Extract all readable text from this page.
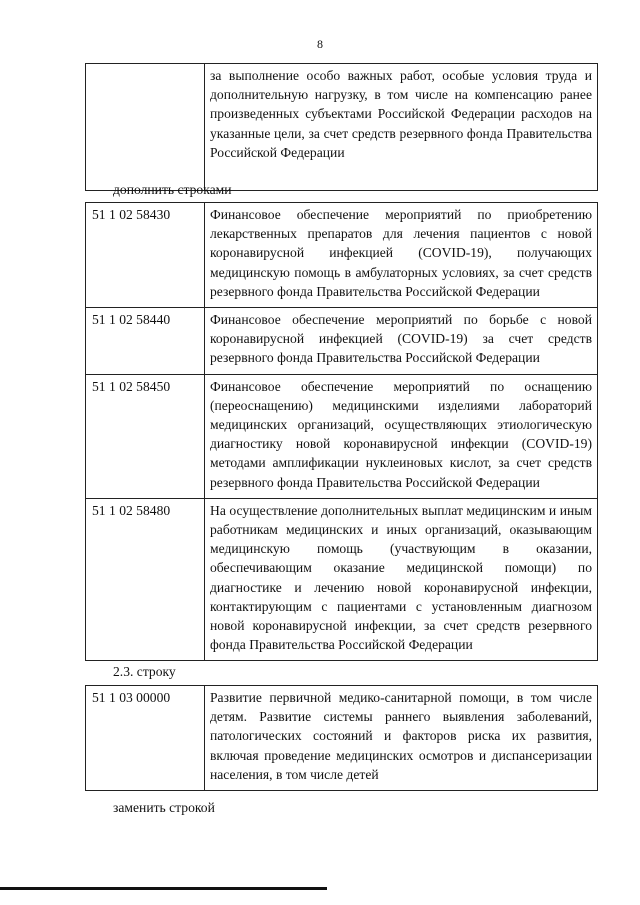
8
	за выполнение особо важных работ, особые условия труда и дополнительную нагрузку, в том числе на компенсацию ранее произведенных субъектами Российской Федерации расходов на указанные цели, за счет средств резервного фонда Правительства Российской Федерации
дополнить строками
51 1 02 58430	Финансовое обеспечение мероприятий по приобретению лекарственных препаратов для лечения пациентов с новой коронавирусной инфекцией (COVID-19), получающих медицинскую помощь в амбулаторных условиях, за счет средств резервного фонда Правительства Российской Федерации
51 1 02 58440	Финансовое обеспечение мероприятий по борьбе с новой коронавирусной инфекцией (COVID-19) за счет средств резервного фонда Правительства Российской Федерации
51 1 02 58450	Финансовое обеспечение мероприятий по оснащению (переоснащению) медицинскими изделиями лабораторий медицинских организаций, осуществляющих этиологическую диагностику новой коронавирусной инфекции (COVID-19) методами амплификации нуклеиновых кислот, за счет средств резервного фонда Правительства Российской Федерации
51 1 02 58480	На осуществление дополнительных выплат медицинским и иным работникам медицинских и иных организаций, оказывающим медицинскую помощь (участвующим в оказании, обеспечивающим оказание медицинской помощи) по диагностике и лечению новой коронавирусной инфекции, контактирующим с пациентами с установленным диагнозом новой коронавирусной инфекции, за счет средств резервного фонда Правительства Российской Федерации
2.3. строку
51 1 03 00000	Развитие первичной медико-санитарной помощи, в том числе детям. Развитие системы раннего выявления заболеваний, патологических состояний и факторов риска их развития, включая проведение медицинских осмотров и диспансеризации населения, в том числе детей
заменить строкой
